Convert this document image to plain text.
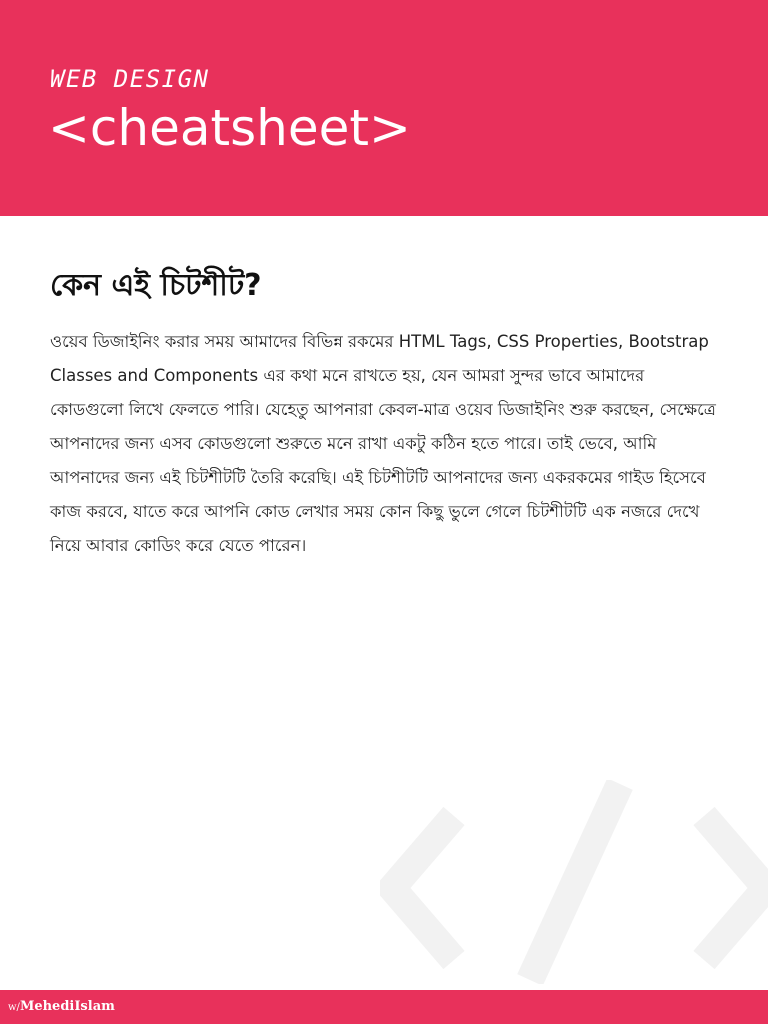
WEB DESIGN
<cheatsheet>
কেন এই চিটশীট?

ওয়েব ডিজাইনিং করার সময় আমাদের বিভিন্ন রকমের HTML Tags, CSS Properties, Bootstrap Classes and Components এর কথা মনে রাখতে হয়, যেন আমরা সুন্দর ভাবে আমাদের কোডগুলো লিখে ফেলতে পারি। যেহেতু আপনারা কেবল-মাত্র ওয়েব ডিজাইনিং শুরু করছেন, সেক্ষেত্রে আপনাদের জন্য এসব কোডগুলো শুরুতে মনে রাখা একটু কঠিন হতে পারে। তাই ভেবে, আমি আপনাদের জন্য এই চিটশীটটি তৈরি করেছি। এই চিটশীটটি আপনাদের জন্য একরকমের গাইড হিসেবে কাজ করবে, যাতে করে আপনি কোড লেখার সময় কোন কিছু ভুলে গেলে চিটশীটটি এক নজরে দেখে নিয়ে আবার কোডিং করে যেতে পারেন।

w/MehediIslam
